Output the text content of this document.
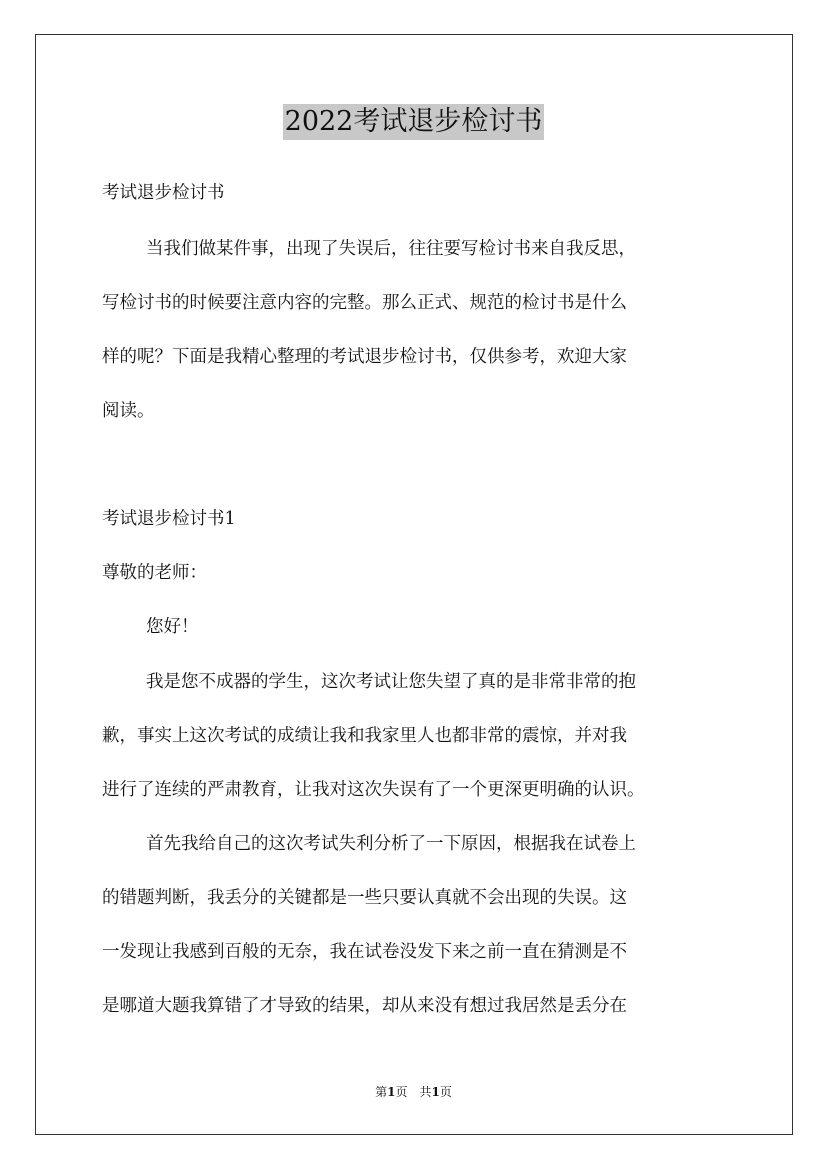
2022考试退步检讨书
考试退步检讨书
当我们做某件事，出现了失误后，往往要写检讨书来自我反思，
写检讨书的时候要注意内容的完整。那么正式、规范的检讨书是什么
样的呢？下面是我精心整理的考试退步检讨书，仅供参考，欢迎大家
阅读。
考试退步检讨书1
尊敬的老师：
您好！
我是您不成器的学生，这次考试让您失望了真的是非常非常的抱
歉，事实上这次考试的成绩让我和我家里人也都非常的震惊，并对我
进行了连续的严肃教育，让我对这次失误有了一个更深更明确的认识。
首先我给自己的这次考试失利分析了一下原因，根据我在试卷上
的错题判断，我丢分的关键都是一些只要认真就不会出现的失误。这
一发现让我感到百般的无奈，我在试卷没发下来之前一直在猜测是不
是哪道大题我算错了才导致的结果，却从来没有想过我居然是丢分在
第1页　共1页
